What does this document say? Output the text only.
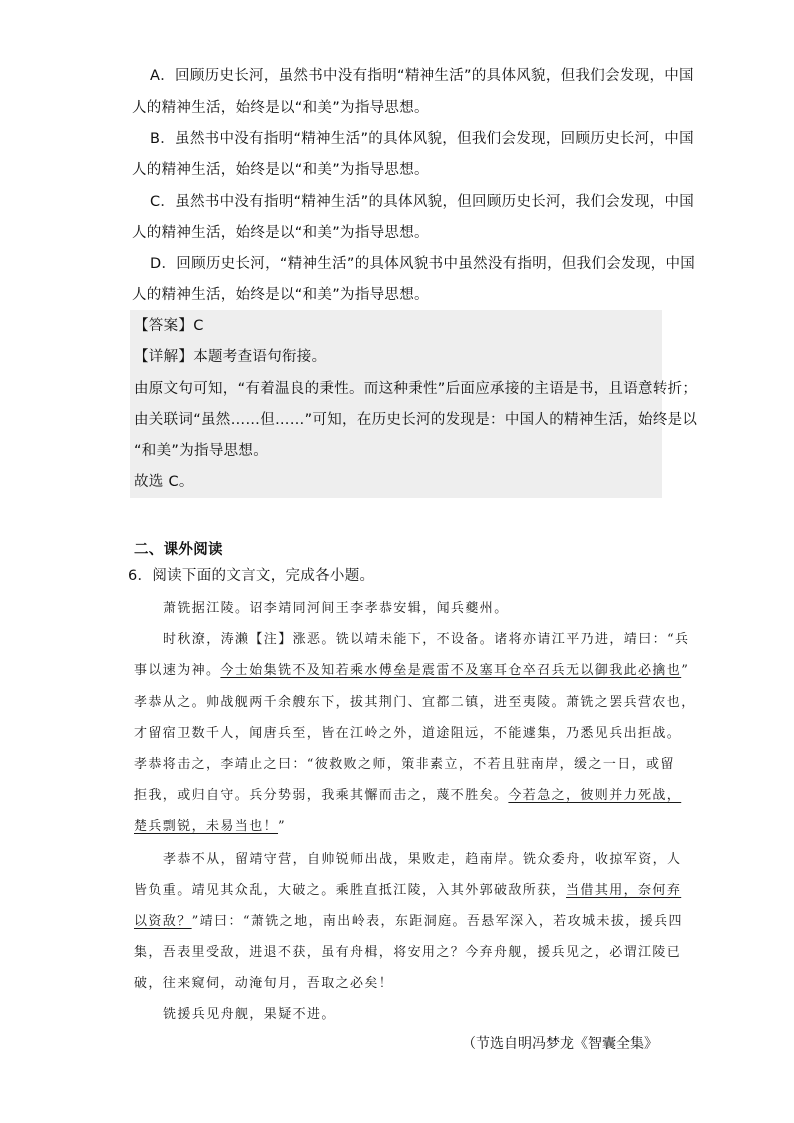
A．回顾历史长河，虽然书中没有指明“精神生活”的具体风貌，但我们会发现，中国
人的精神生活，始终是以“和美”为指导思想。
B．虽然书中没有指明“精神生活”的具体风貌，但我们会发现，回顾历史长河，中国
人的精神生活，始终是以“和美”为指导思想。
C．虽然书中没有指明“精神生活”的具体风貌，但回顾历史长河，我们会发现，中国
人的精神生活，始终是以“和美”为指导思想。
D．回顾历史长河，“精神生活”的具体风貌书中虽然没有指明，但我们会发现，中国
人的精神生活，始终是以“和美”为指导思想。
【答案】C
【详解】本题考查语句衔接。
由原文句可知，“有着温良的秉性。而这种秉性”后面应承接的主语是书，且语意转折；
由关联词“虽然……但……”可知，在历史长河的发现是：中国人的精神生活，始终是以
“和美”为指导思想。
故选 C。
二、课外阅读
6．阅读下面的文言文，完成各小题。
萧铣据江陵。诏李靖同河间王李孝恭安辑，闻兵夔州。
时秋潦，涛濑【注】涨恶。铣以靖未能下，不设备。诸将亦请江平乃进，靖曰：“兵
事以速为神。今士始集铣不及知若乘水傅垒是震雷不及塞耳仓卒召兵无以御我此必擒也”
孝恭从之。帅战舰两千余艘东下，拔其荆门、宜都二镇，进至夷陵。萧铣之罢兵营农也，
才留宿卫数千人，闻唐兵至，皆在江岭之外，道途阻远，不能遽集，乃悉见兵出拒战。
孝恭将击之，李靖止之曰：“彼救败之师，策非素立，不若且驻南岸，缓之一日，或留
拒我，或归自守。兵分势弱，我乘其懈而击之，蔑不胜矣。今若急之，彼则并力死战，
楚兵剽锐，未易当也！”
孝恭不从，留靖守营，自帅锐师出战，果败走，趋南岸。铣众委舟，收掠军资，人
皆负重。靖见其众乱，大破之。乘胜直抵江陵，入其外郭破敌所获，当借其用，奈何弃
以资敌？”靖曰：“萧铣之地，南出岭表，东距洞庭。吾悬军深入，若攻城未拔，援兵四
集，吾表里受敌，进退不获，虽有舟楫，将安用之？今弃舟舰，援兵见之，必谓江陵已
破，往来窥伺，动淹旬月，吾取之必矣！
铣援兵见舟舰，果疑不进。
（节选自明冯梦龙《智囊全集》
